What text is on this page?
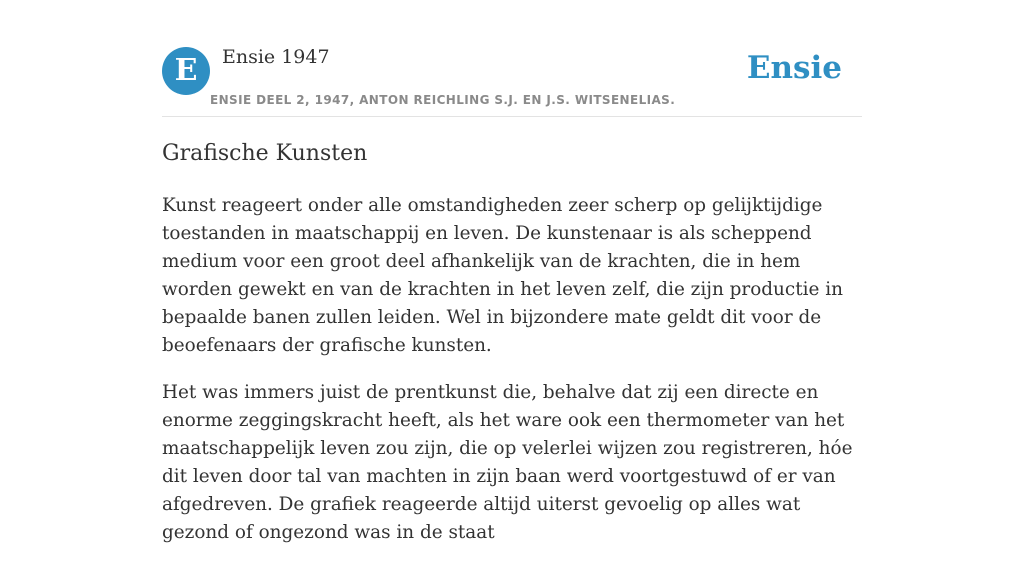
E	Ensie 1947
ENSIE DEEL 2, 1947, ANTON REICHLING S.J. EN J.S. WITSENELIAS.
Ensie
Grafische Kunsten

Kunst reageert onder alle omstandigheden zeer scherp op gelijktijdige toestanden in maatschappij en leven. De kunstenaar is als scheppend medium voor een groot deel afhankelijk van de krachten, die in hem worden gewekt en van de krachten in het leven zelf, die zijn productie in bepaalde banen zullen leiden. Wel in bijzondere mate geldt dit voor de beoefenaars der grafische kunsten.

Het was immers juist de prentkunst die, behalve dat zij een directe en enorme zeggingskracht heeft, als het ware ook een thermometer van het maatschappelijk leven zou zijn, die op velerlei wijzen zou registreren, hóe dit leven door tal van machten in zijn baan werd voortgestuwd of er van afgedreven. De grafiek reageerde altijd uiterst gevoelig op alles wat gezond of ongezond was in de staat
